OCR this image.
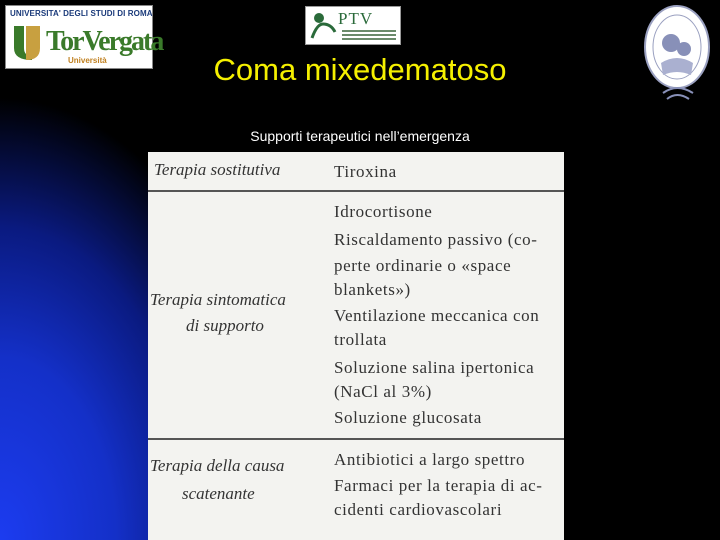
UNIVERSITA' DEGLI STUDI DI ROMA
TorVergata
Università
PTV
Coma mixedematoso
Supporti terapeutici nell’emergenza
Terapia sostitutiva	Tiroxina
Terapia sintomatica
di supporto
Idrocortisone
Riscaldamento passivo (co-
perte ordinarie o «space
blankets»)
Ventilazione meccanica con
trollata
Soluzione salina ipertonica
(NaCl al 3%)
Soluzione glucosata
Terapia della causa
scatenante
Antibiotici a largo spettro
Farmaci per la terapia di ac-
cidenti cardiovascolari
